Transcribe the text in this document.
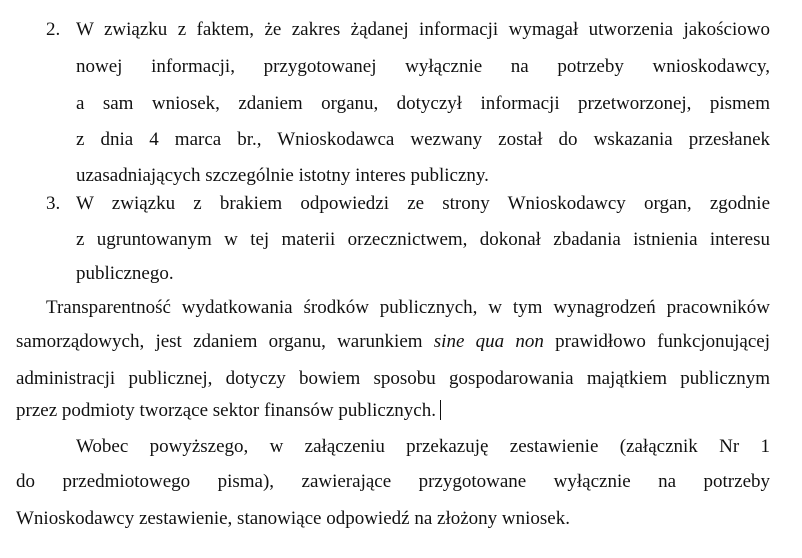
2. W związku z faktem, że zakres żądanej informacji wymagał utworzenia jakościowo
nowej informacji, przygotowanej wyłącznie na potrzeby wnioskodawcy,
a sam wniosek, zdaniem organu, dotyczył informacji przetworzonej, pismem
z dnia 4 marca br., Wnioskodawca wezwany został do wskazania przesłanek
uzasadniających szczególnie istotny interes publiczny.
3. W związku z brakiem odpowiedzi ze strony Wnioskodawcy organ, zgodnie
z ugruntowanym w tej materii orzecznictwem, dokonał zbadania istnienia interesu
publicznego.
Transparentność wydatkowania środków publicznych, w tym wynagrodzeń pracowników
samorządowych, jest zdaniem organu, warunkiem sine qua non prawidłowo funkcjonującej
administracji publicznej, dotyczy bowiem sposobu gospodarowania majątkiem publicznym
przez podmioty tworzące sektor finansów publicznych.
Wobec powyższego, w załączeniu przekazuję zestawienie (załącznik Nr 1
do przedmiotowego pisma), zawierające przygotowane wyłącznie na potrzeby
Wnioskodawcy zestawienie, stanowiące odpowiedź na złożony wniosek.
